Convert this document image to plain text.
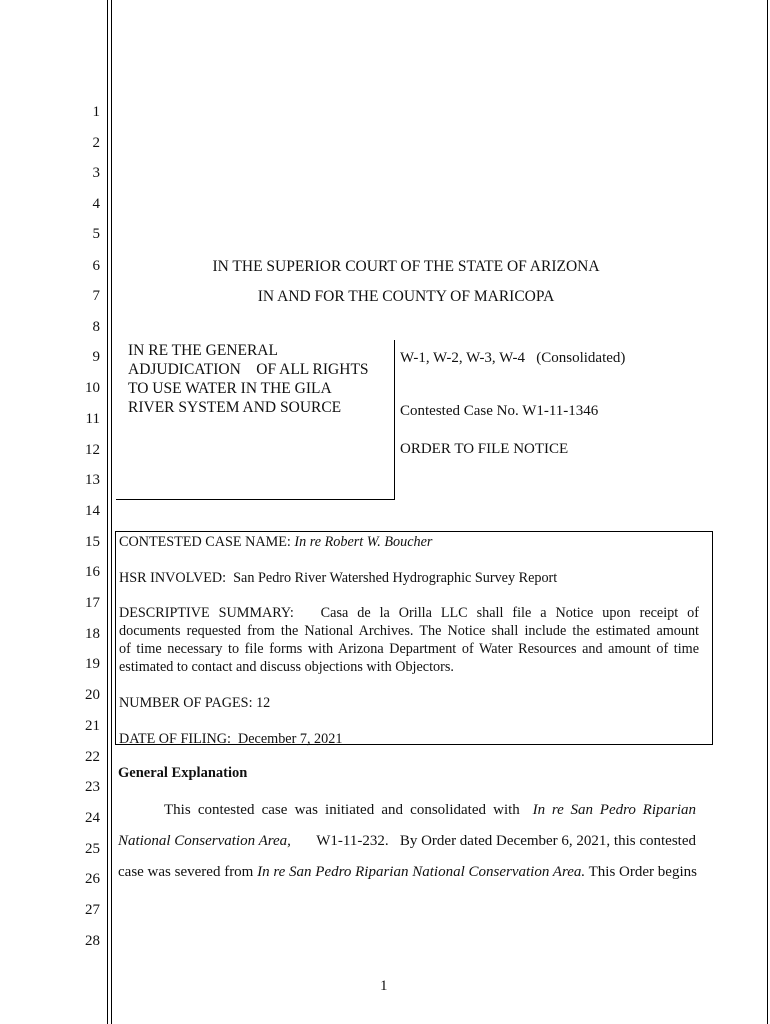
1
2
3
4
5
6
7
8
9
10
11
12
13
14
15
16
17
18
19
20
21
22
23
24
25
26
27
28
IN THE SUPERIOR COURT OF THE STATE OF ARIZONA
IN AND FOR THE COUNTY OF MARICOPA
IN RE THE GENERAL
ADJUDICATION    OF ALL RIGHTS
TO USE WATER IN THE GILA
RIVER SYSTEM AND SOURCE
W-1, W-2, W-3, W-4   (Consolidated)
Contested Case No. W1-11-1346
ORDER TO FILE NOTICE

CONTESTED CASE NAME: In re Robert W. Boucher

HSR INVOLVED: San Pedro River Watershed Hydrographic Survey Report

DESCRIPTIVE SUMMARY:   Casa de la Orilla LLC shall file a Notice upon receipt of
documents requested from the National Archives. The Notice shall include the estimated amount
of time necessary to file forms with Arizona Department of Water Resources and amount of time
estimated to contact and discuss objections with Objectors.

NUMBER OF PAGES: 12

DATE OF FILING: December 7, 2021

General Explanation
This contested case was initiated and consolidated with In re San Pedro Riparian
National Conservation Area, W1-11-232.   By Order dated December 6, 2021, this contested
case was severed from In re San Pedro Riparian National Conservation Area. This Order begins
1
